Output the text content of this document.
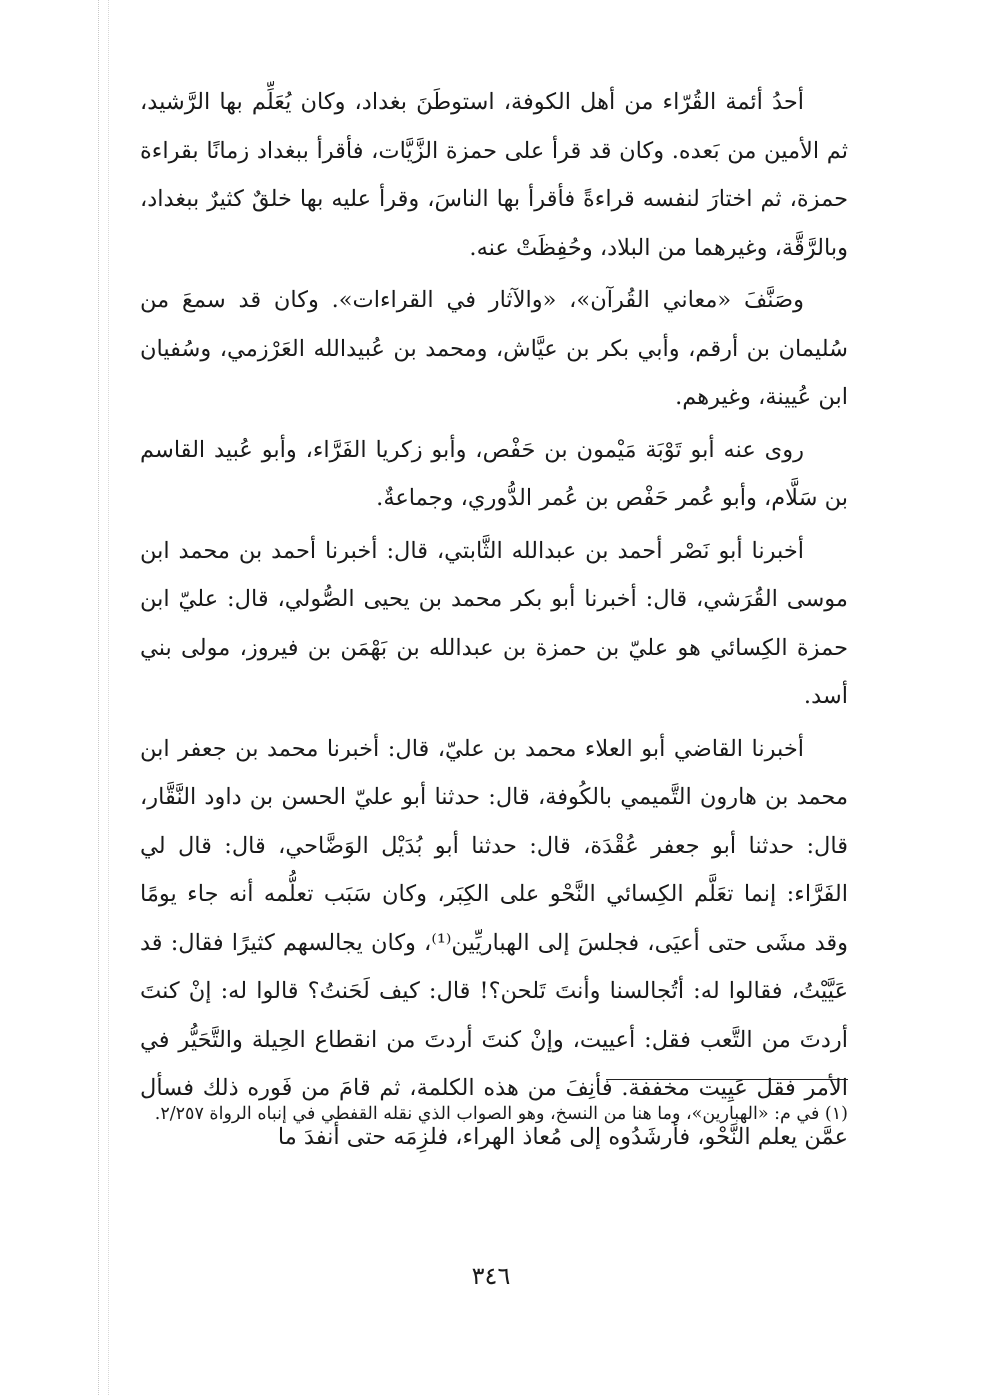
أحدُ أئمة القُرّاء من أهل الكوفة، استوطَنَ بغداد، وكان يُعَلِّم بها الرَّشيد، ثم الأمين من بَعده. وكان قد قرأ على حمزة الزَّيَّات، فأقرأ ببغداد زمانًا بقراءة حمزة، ثم اختارَ لنفسه قراءةً فأقرأ بها الناسَ، وقرأ عليه بها خلقٌ كثيرٌ ببغداد، وبالرَّقَّة، وغيرهما من البلاد، وحُفِظَتْ عنه.

وصَنَّفَ «معاني القُرآن»، «والآثار في القراءات». وكان قد سمعَ من سُليمان بن أرقم، وأبي بكر بن عيَّاش، ومحمد بن عُبيدالله العَرْزمي، وسُفيان ابن عُيينة، وغيرهم.

روى عنه أبو تَوْبَة مَيْمون بن حَفْص، وأبو زكريا الفَرَّاء، وأبو عُبيد القاسم بن سَلَّام، وأبو عُمر حَفْص بن عُمر الدُّوري، وجماعةٌ.

أخبرنا أبو نَصْر أحمد بن عبدالله الثَّابتي، قال: أخبرنا أحمد بن محمد ابن موسى القُرَشي، قال: أخبرنا أبو بكر محمد بن يحيى الصُّولي، قال: عليّ ابن حمزة الكِسائي هو عليّ بن حمزة بن عبدالله بن بَهْمَن بن فيروز، مولى بني أسد.

أخبرنا القاضي أبو العلاء محمد بن عليّ، قال: أخبرنا محمد بن جعفر ابن محمد بن هارون التَّميمي بالكُوفة، قال: حدثنا أبو عليّ الحسن بن داود النَّقَّار، قال: حدثنا أبو جعفر عُقْدَة، قال: حدثنا أبو بُدَيْل الوَضَّاحي، قال: قال لي الفَرَّاء: إنما تعَلَّم الكِسائي النَّحْو على الكِبَر، وكان سَبَب تعلُّمه أنه جاء يومًا وقد مشَى حتى أعيَى، فجلسَ إلى الهباريِّين⁽¹⁾، وكان يجالسهم كثيرًا فقال: قد عَيَّيْتُ، فقالوا له: أتُجالسنا وأنتَ تَلحن؟! قال: كيف لَحَنتُ؟ قالوا له: إنْ كنتَ أردتَ من التَّعب فقل: أعييت، وإنْ كنتَ أردتَ من انقطاع الحِيلة والتَّحَيُّر في الأمر فقل عَيِيت مخففة. فأنِفَ من هذه الكلمة، ثم قامَ من فَوره ذلك فسأل عمَّن يعلم النَّحْو، فأرشَدُوه إلى مُعاذ الهراء، فلزِمَه حتى أنفدَ ما

(١) في م: «الهبارين»، وما هنا من النسخ، وهو الصواب الذي نقله القفطي في إنباه الرواة ٢/٢٥٧.
٣٤٦
